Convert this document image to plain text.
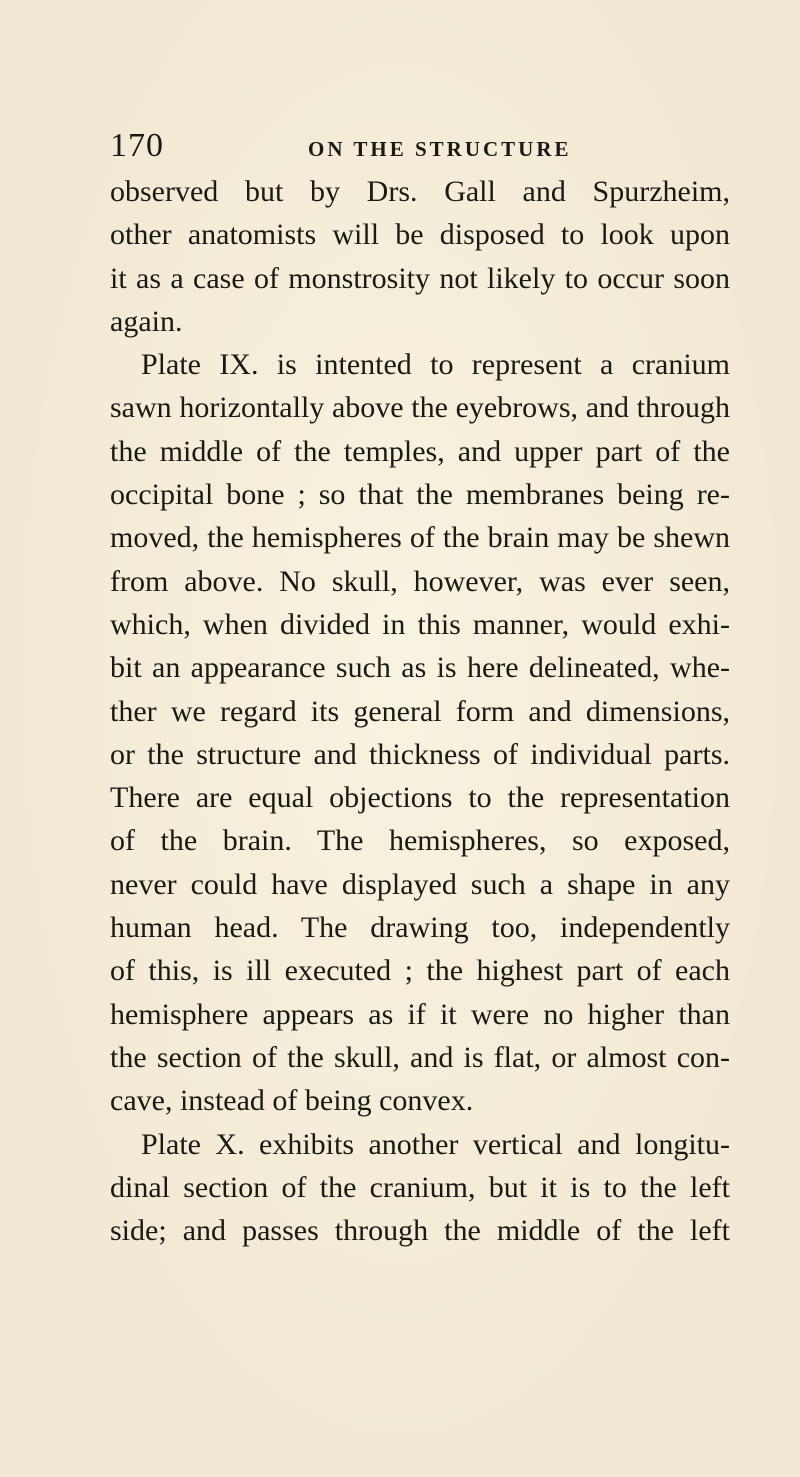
170	ON THE STRUCTURE
observed but by Drs. Gall and Spurzheim,
other anatomists will be disposed to look upon
it as a case of monstrosity not likely to occur soon
again.
Plate IX. is intented to represent a cranium
sawn horizontally above the eyebrows, and through
the middle of the temples, and upper part of the
occipital bone ; so that the membranes being re-
moved, the hemispheres of the brain may be shewn
from above. No skull, however, was ever seen,
which, when divided in this manner, would exhi-
bit an appearance such as is here delineated, whe-
ther we regard its general form and dimensions,
or the structure and thickness of individual parts.
There are equal objections to the representation
of the brain. The hemispheres, so exposed,
never could have displayed such a shape in any
human head. The drawing too, independently
of this, is ill executed ; the highest part of each
hemisphere appears as if it were no higher than
the section of the skull, and is flat, or almost con-
cave, instead of being convex.
Plate X. exhibits another vertical and longitu-
dinal section of the cranium, but it is to the left
side; and passes through the middle of the left
